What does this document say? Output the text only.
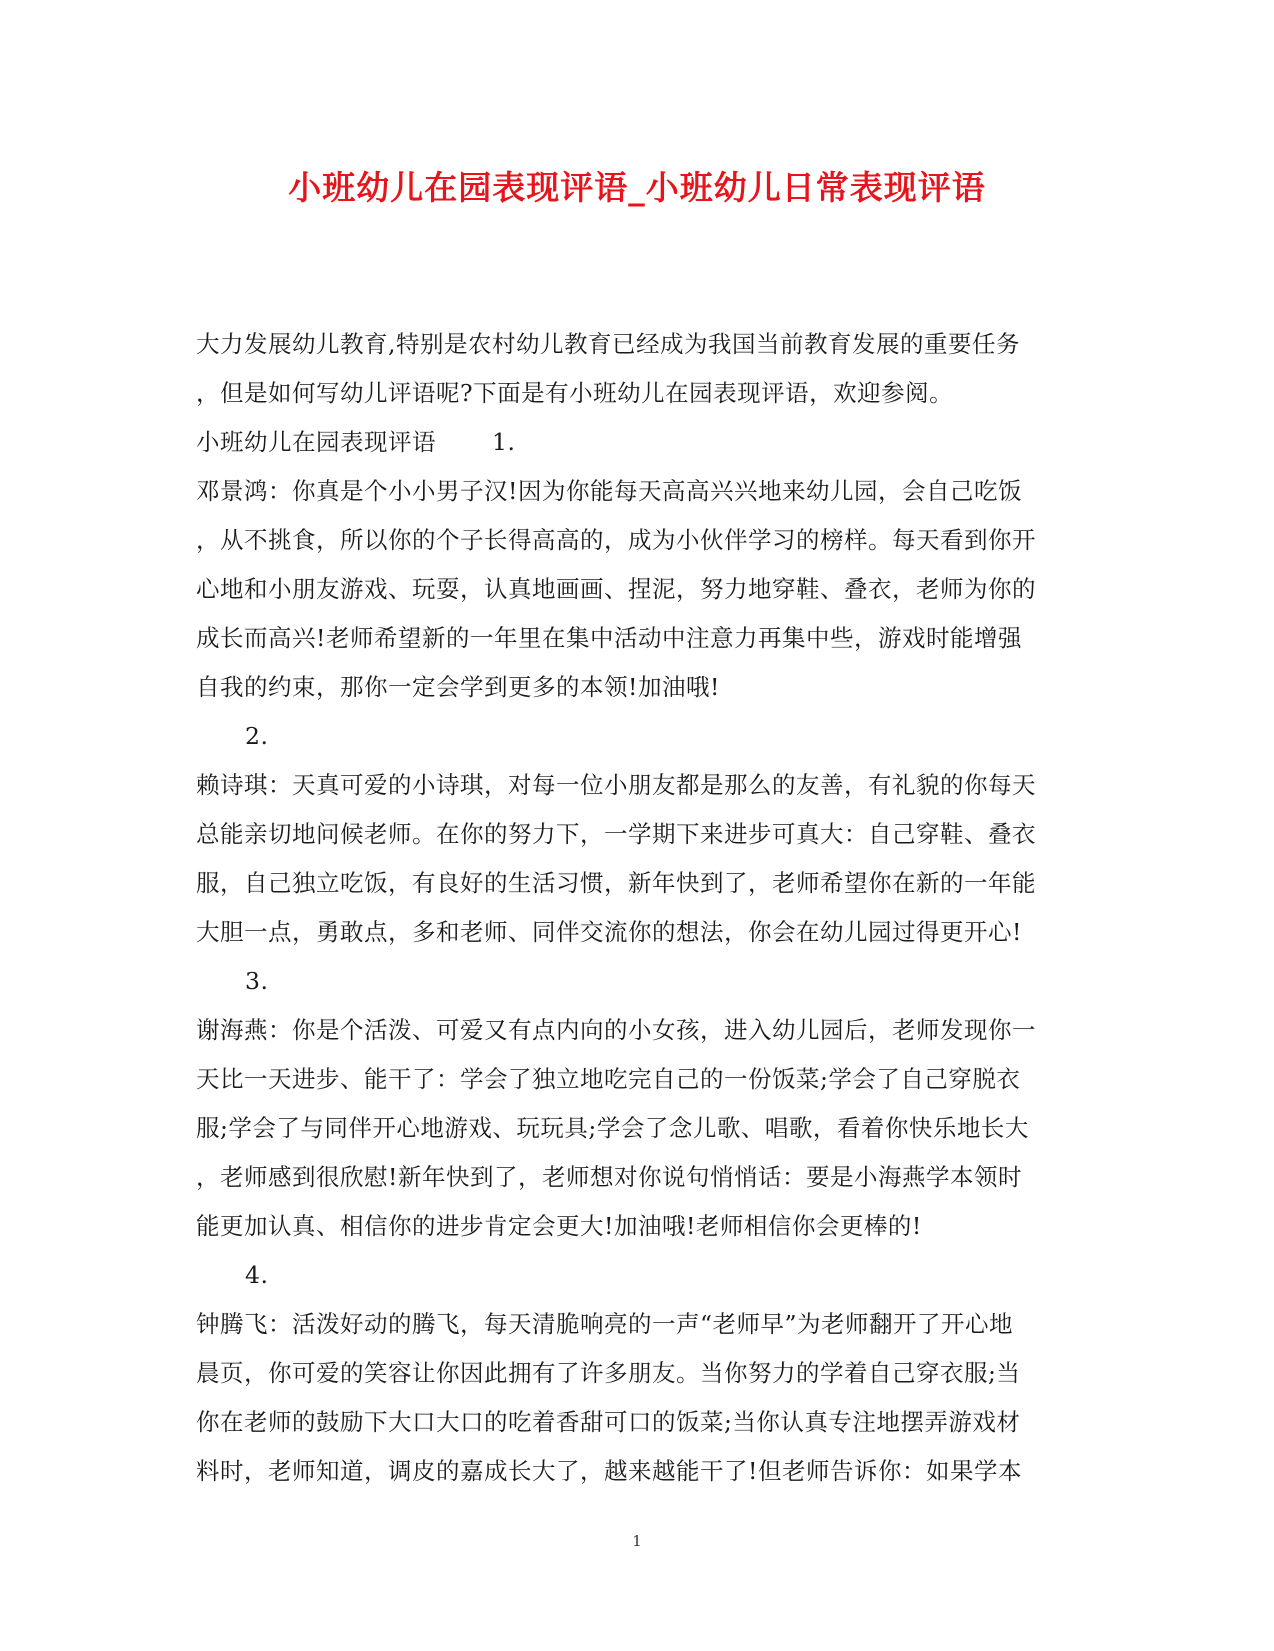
小班幼儿在园表现评语_小班幼儿日常表现评语
大力发展幼儿教育,特别是农村幼儿教育已经成为我国当前教育发展的重要任务
，但是如何写幼儿评语呢?下面是有小班幼儿在园表现评语，欢迎参阅。
小班幼儿在园表现评语 1.
邓景鸿：你真是个小小男子汉!因为你能每天高高兴兴地来幼儿园，会自己吃饭
，从不挑食，所以你的个子长得高高的，成为小伙伴学习的榜样。每天看到你开
心地和小朋友游戏、玩耍，认真地画画、捏泥，努力地穿鞋、叠衣，老师为你的
成长而高兴!老师希望新的一年里在集中活动中注意力再集中些，游戏时能增强
自我的约束，那你一定会学到更多的本领!加油哦!
2.
赖诗琪：天真可爱的小诗琪，对每一位小朋友都是那么的友善，有礼貌的你每天
总能亲切地问候老师。在你的努力下，一学期下来进步可真大：自己穿鞋、叠衣
服，自己独立吃饭，有良好的生活习惯，新年快到了，老师希望你在新的一年能
大胆一点，勇敢点，多和老师、同伴交流你的想法，你会在幼儿园过得更开心!
3.
谢海燕：你是个活泼、可爱又有点内向的小女孩，进入幼儿园后，老师发现你一
天比一天进步、能干了：学会了独立地吃完自己的一份饭菜;学会了自己穿脱衣
服;学会了与同伴开心地游戏、玩玩具;学会了念儿歌、唱歌，看着你快乐地长大
，老师感到很欣慰!新年快到了，老师想对你说句悄悄话：要是小海燕学本领时
能更加认真、相信你的进步肯定会更大!加油哦!老师相信你会更棒的!
4.
钟腾飞：活泼好动的腾飞，每天清脆响亮的一声“老师早”为老师翻开了开心地
晨页，你可爱的笑容让你因此拥有了许多朋友。当你努力的学着自己穿衣服;当
你在老师的鼓励下大口大口的吃着香甜可口的饭菜;当你认真专注地摆弄游戏材
料时，老师知道，调皮的嘉成长大了，越来越能干了!但老师告诉你：如果学本
1
